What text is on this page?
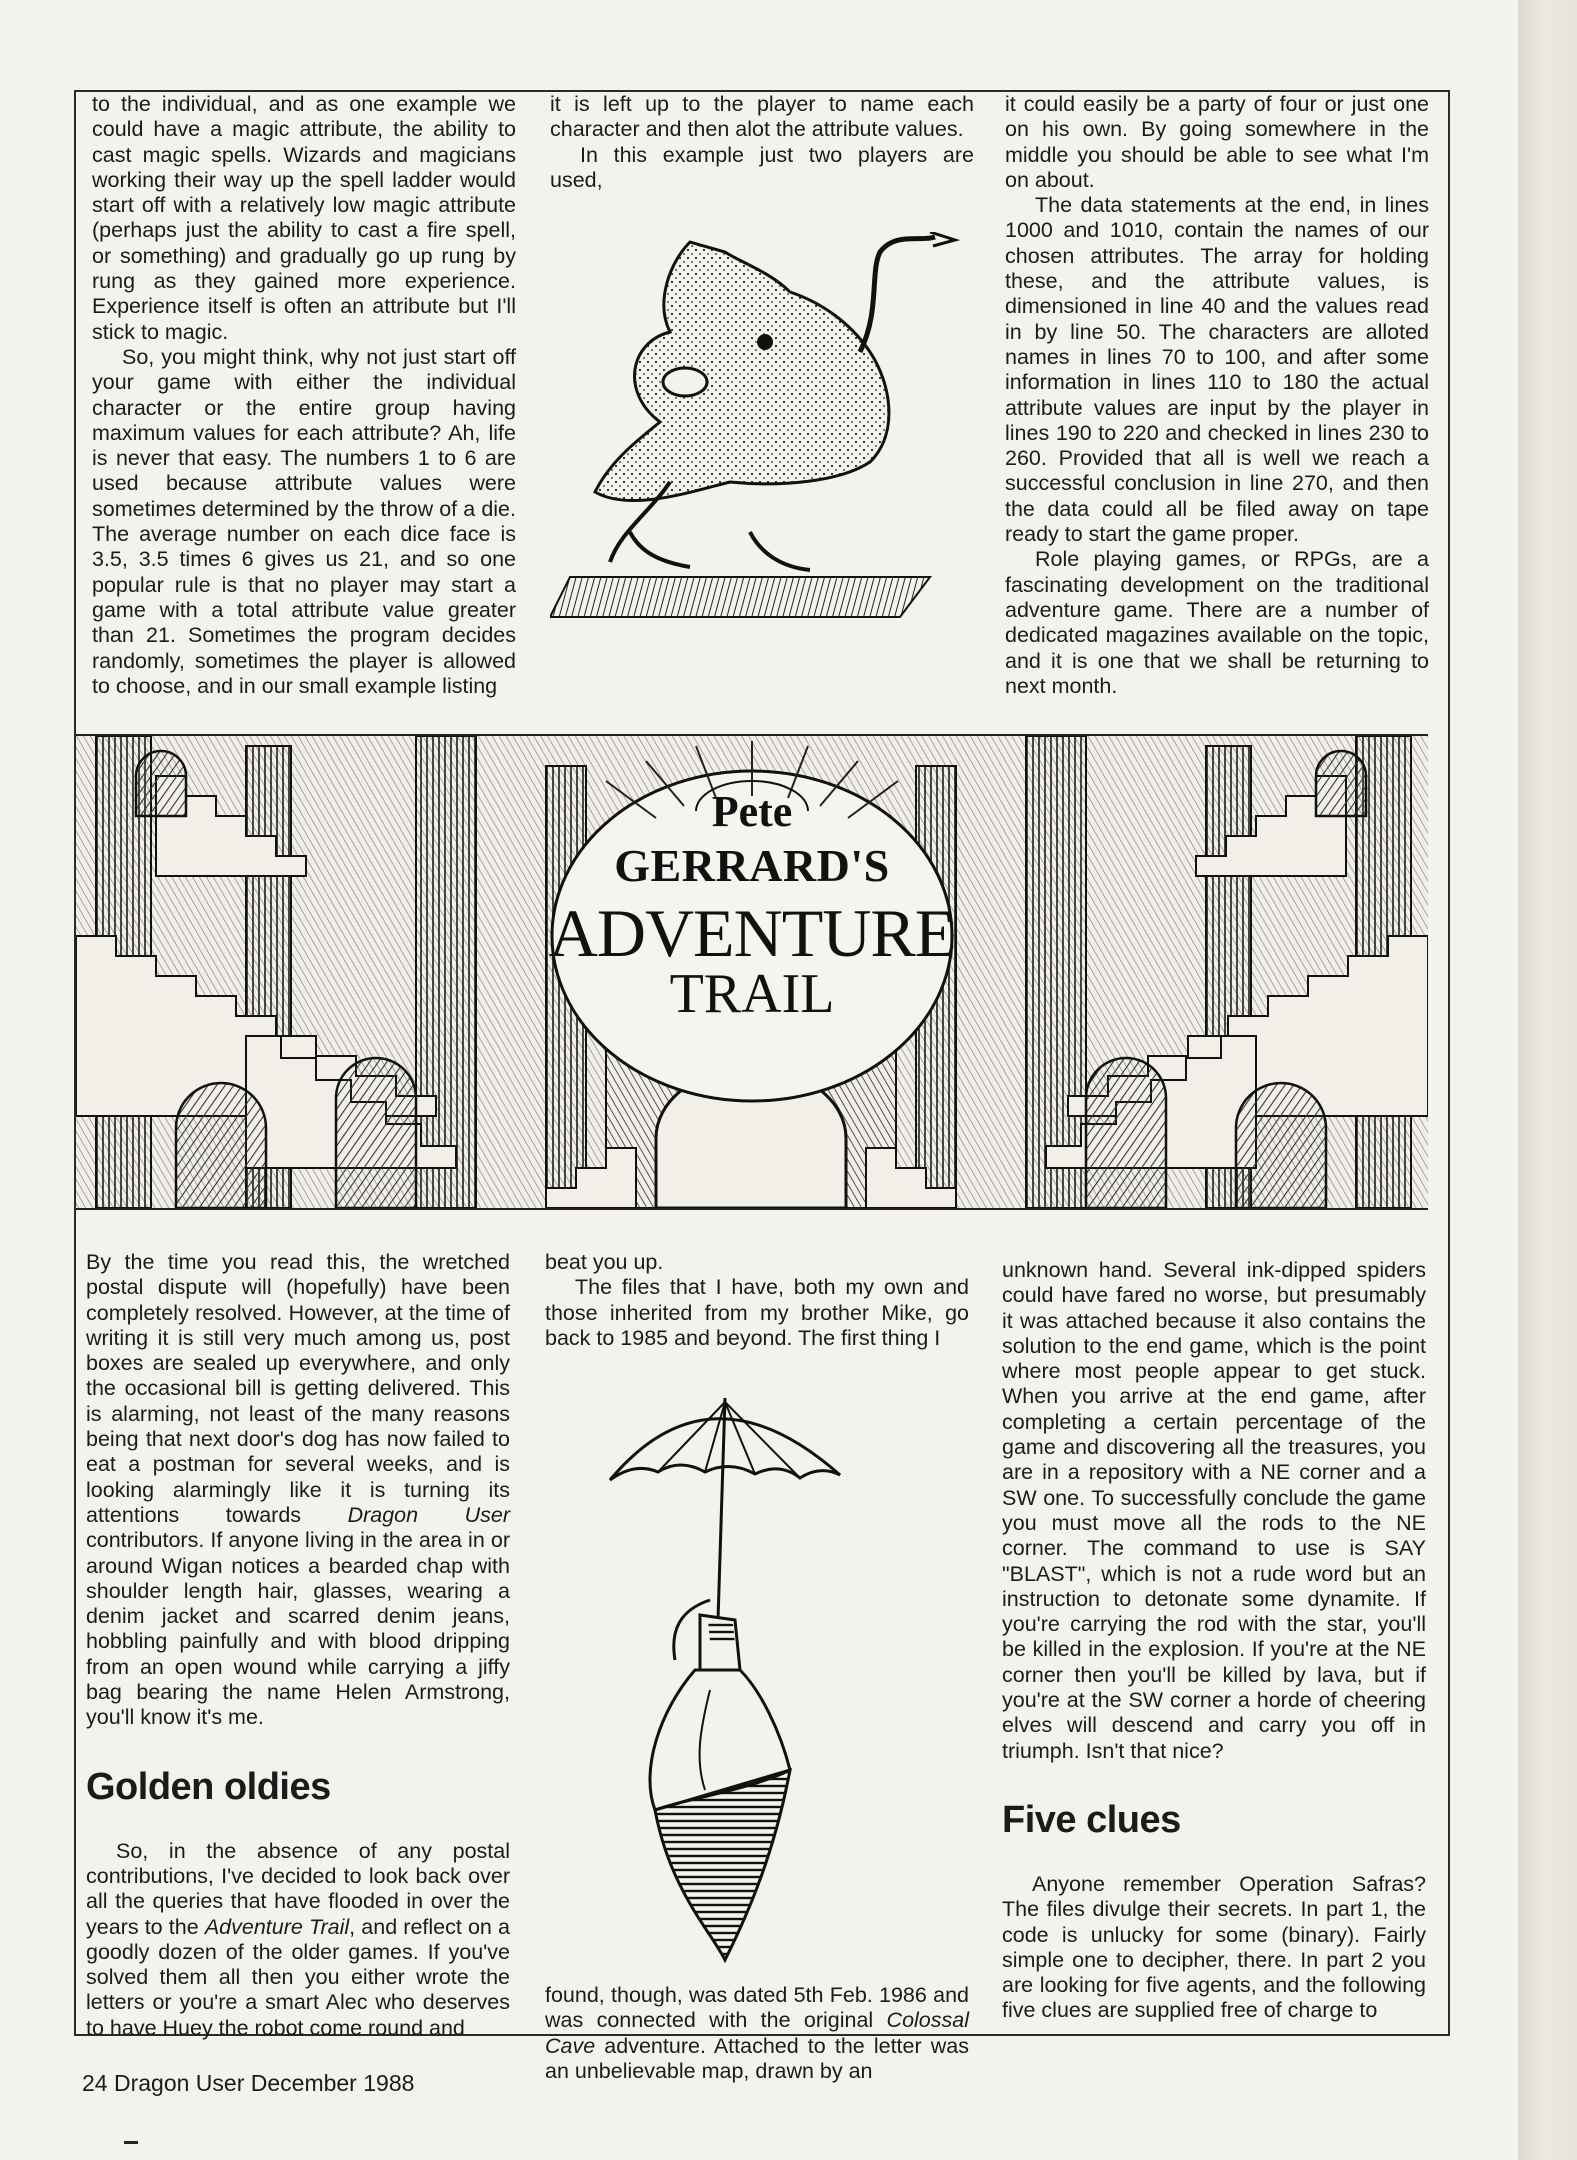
to the individual, and as one example we could have a magic attribute, the ability to cast magic spells. Wizards and magicians working their way up the spell ladder would start off with a relatively low magic attribute (perhaps just the ability to cast a fire spell, or something) and gradually go up rung by rung as they gained more experience. Experience itself is often an attribute but I'll stick to magic.

So, you might think, why not just start off your game with either the individual character or the entire group having maximum values for each attribute? Ah, life is never that easy. The numbers 1 to 6 are used because attribute values were sometimes determined by the throw of a die. The average number on each dice face is 3.5, 3.5 times 6 gives us 21, and so one popular rule is that no player may start a game with a total attribute value greater than 21. Sometimes the program decides randomly, sometimes the player is allowed to choose, and in our small example listing

it is left up to the player to name each character and then alot the attribute values.

In this example just two players are used,

it could easily be a party of four or just one on his own. By going somewhere in the middle you should be able to see what I'm on about.

The data statements at the end, in lines 1000 and 1010, contain the names of our chosen attributes. The array for holding these, and the attribute values, is dimensioned in line 40 and the values read in by line 50. The characters are alloted names in lines 70 to 100, and after some information in lines 110 to 180 the actual attribute values are input by the player in lines 190 to 220 and checked in lines 230 to 260. Provided that all is well we reach a successful conclusion in line 270, and then the data could all be filed away on tape ready to start the game proper.

Role playing games, or RPGs, are a fascinating development on the traditional adventure game. There are a number of dedicated magazines available on the topic, and it is one that we shall be returning to next month.

Pete
GERRARD'S
ADVENTURE
TRAIL

By the time you read this, the wretched postal dispute will (hopefully) have been completely resolved. However, at the time of writing it is still very much among us, post boxes are sealed up everywhere, and only the occasional bill is getting delivered. This is alarming, not least of the many reasons being that next door's dog has now failed to eat a postman for several weeks, and is looking alarmingly like it is turning its attentions towards Dragon User contributors. If anyone living in the area in or around Wigan notices a bearded chap with shoulder length hair, glasses, wearing a denim jacket and scarred denim jeans, hobbling painfully and with blood dripping from an open wound while carrying a jiffy bag bearing the name Helen Armstrong, you'll know it's me.

Golden oldies

So, in the absence of any postal contributions, I've decided to look back over all the queries that have flooded in over the years to the Adventure Trail, and reflect on a goodly dozen of the older games. If you've solved them all then you either wrote the letters or you're a smart Alec who deserves to have Huey the robot come round and

beat you up.

The files that I have, both my own and those inherited from my brother Mike, go back to 1985 and beyond. The first thing I

found, though, was dated 5th Feb. 1986 and was connected with the original Colossal Cave adventure. Attached to the letter was an unbelievable map, drawn by an

unknown hand. Several ink-dipped spiders could have fared no worse, but presumably it was attached because it also contains the solution to the end game, which is the point where most people appear to get stuck. When you arrive at the end game, after completing a certain percentage of the game and discovering all the treasures, you are in a repository with a NE corner and a SW one. To successfully conclude the game you must move all the rods to the NE corner. The command to use is SAY "BLAST", which is not a rude word but an instruction to detonate some dynamite. If you're carrying the rod with the star, you'll be killed in the explosion. If you're at the NE corner then you'll be killed by lava, but if you're at the SW corner a horde of cheering elves will descend and carry you off in triumph. Isn't that nice?

Five clues

Anyone remember Operation Safras? The files divulge their secrets. In part 1, the code is unlucky for some (binary). Fairly simple one to decipher, there. In part 2 you are looking for five agents, and the following five clues are supplied free of charge to

24 Dragon User December 1988
